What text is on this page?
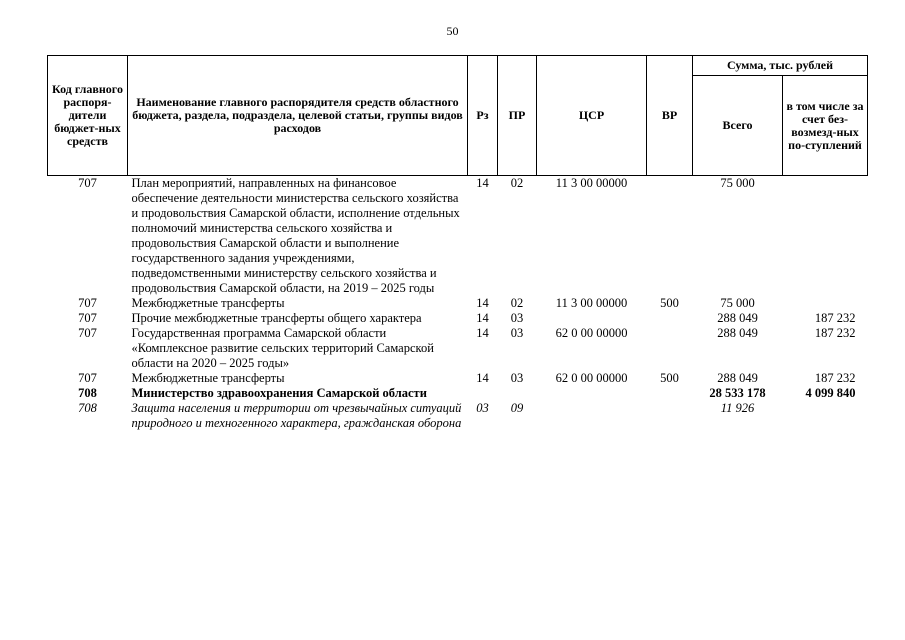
50
Код главного распоря-дители бюджет-ных средств	Наименование главного распорядителя средств областного бюджета, раздела, подраздела, целевой статьи, группы видов расходов	Рз	ПР	ЦСР	ВР	Сумма, тыс. рублей	
						Всего	в том числе за счет без-возмезд-ных по-ступлений
707	План мероприятий, направленных на финансовое обеспечение деятельности министерства сельского хозяйства и продовольствия Самарской области, исполнение отдельных полномочий министерства сельского хозяйства и продовольствия Самарской области и выполнение государственного задания учреждениями, подведомственными министерству сельского хозяйства и продовольствия Самарской области, на 2019 – 2025 годы	14	02	11 3 00 00000		75 000	
707	Межбюджетные трансферты	14	02	11 3 00 00000	500	75 000	
707	Прочие межбюджетные трансферты общего характера	14	03			288 049	187 232
707	Государственная программа Самарской области «Комплексное развитие сельских территорий Самарской области на 2020 – 2025 годы»	14	03	62 0 00 00000		288 049	187 232
707	Межбюджетные трансферты	14	03	62 0 00 00000	500	288 049	187 232
708	Министерство здравоохранения Самарской области					28 533 178	4 099 840
708	Защита населения и территории от чрезвычайных ситуаций природного и техногенного характера, гражданская оборона	03	09			11 926	
